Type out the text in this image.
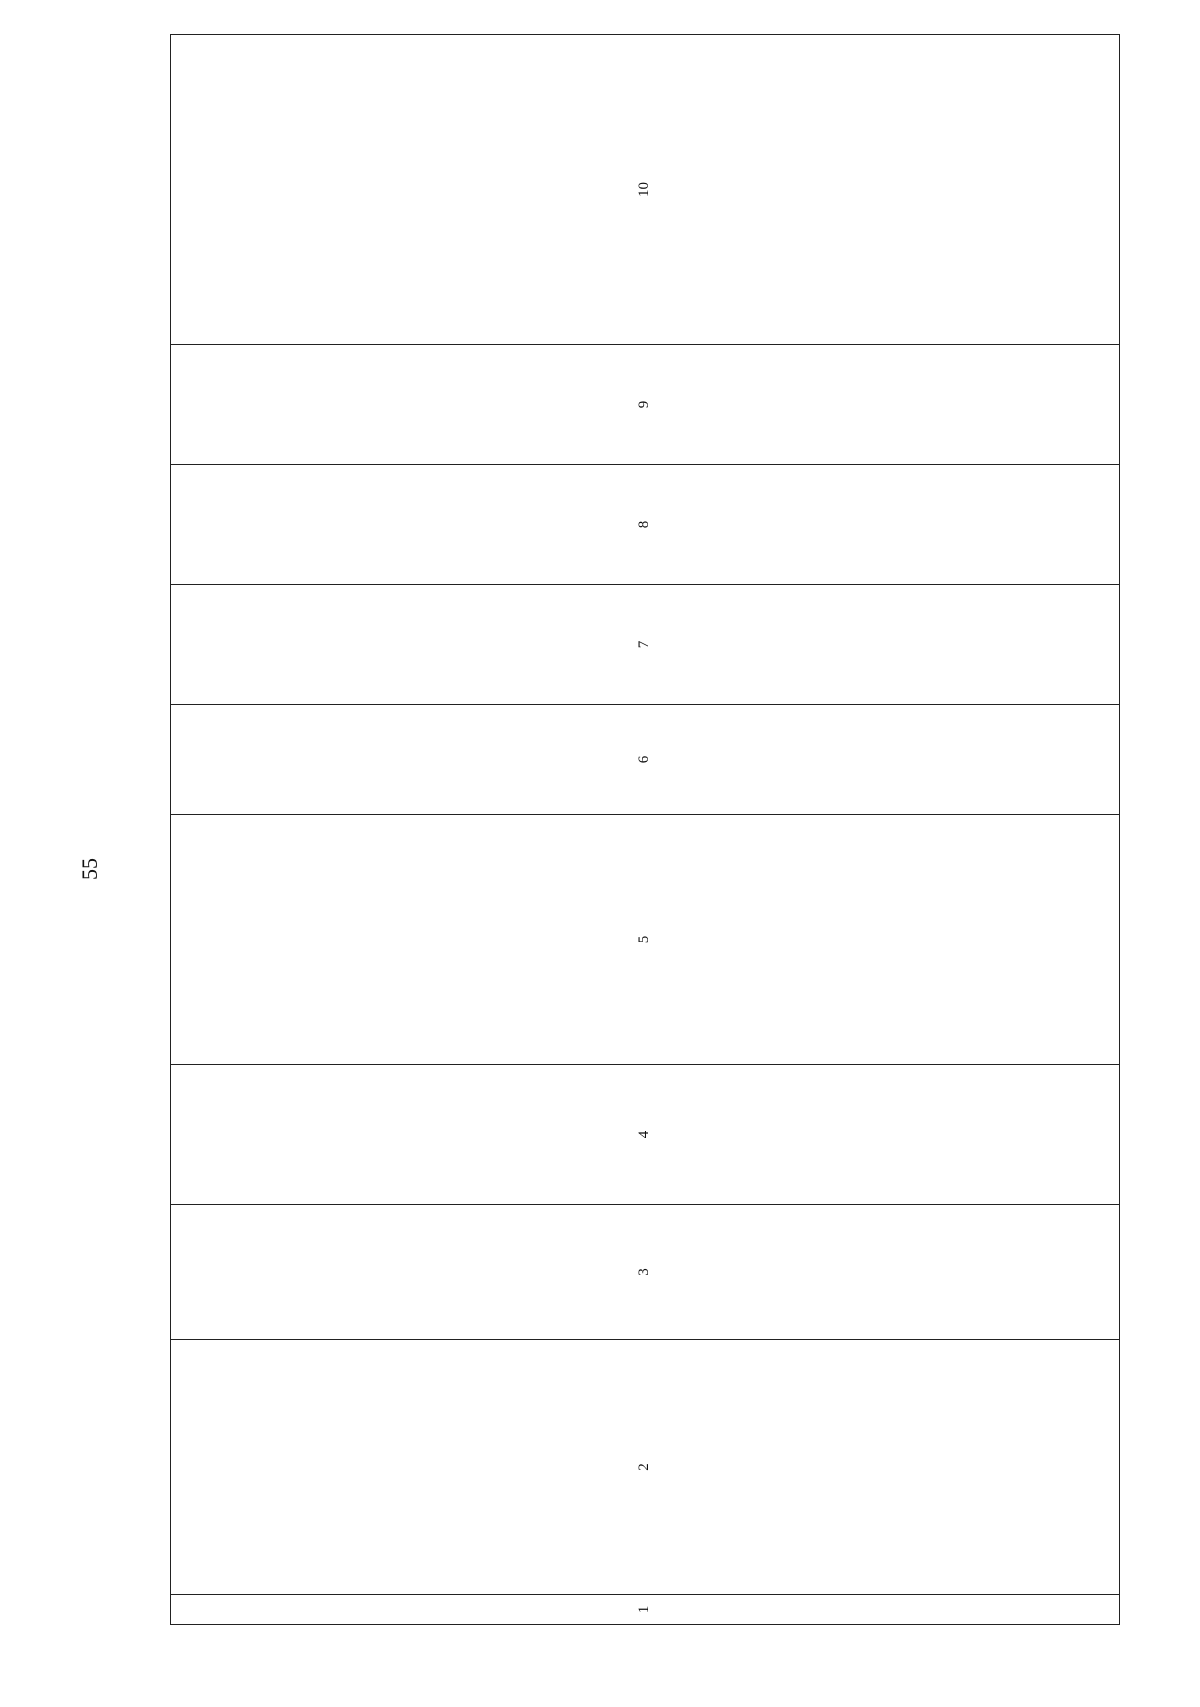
55
1	2	3	4	5	6	7	8	9	10
